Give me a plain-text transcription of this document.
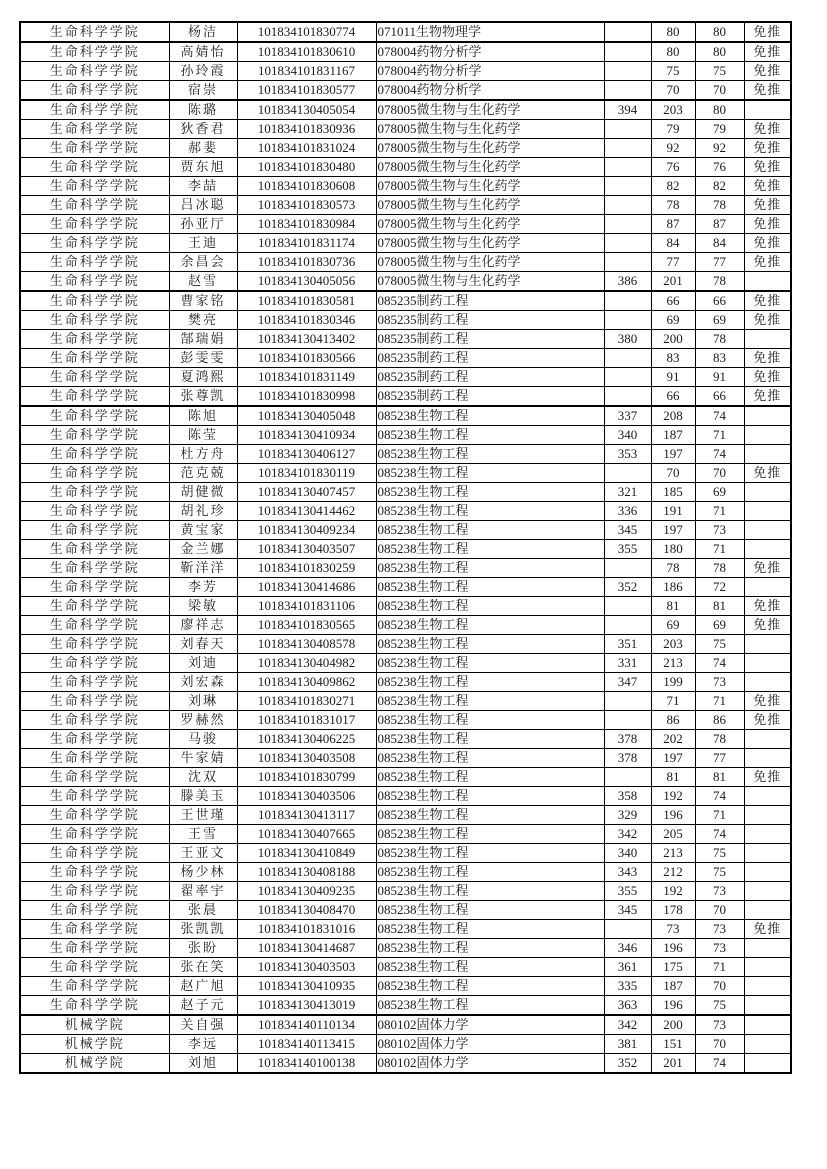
生命科学学院	杨洁	101834101830774	071011生物物理学		80	80	免推
生命科学学院	高婧怡	101834101830610	078004药物分析学		80	80	免推
生命科学学院	孙玲霞	101834101831167	078004药物分析学		75	75	免推
生命科学学院	宿崇	101834101830577	078004药物分析学		70	70	免推
生命科学学院	陈璐	101834130405054	078005微生物与生化药学	394	203	80	
生命科学学院	狄香君	101834101830936	078005微生物与生化药学		79	79	免推
生命科学学院	郝婓	101834101831024	078005微生物与生化药学		92	92	免推
生命科学学院	贾东旭	101834101830480	078005微生物与生化药学		76	76	免推
生命科学学院	李喆	101834101830608	078005微生物与生化药学		82	82	免推
生命科学学院	吕冰聪	101834101830573	078005微生物与生化药学		78	78	免推
生命科学学院	孙亚厅	101834101830984	078005微生物与生化药学		87	87	免推
生命科学学院	王迪	101834101831174	078005微生物与生化药学		84	84	免推
生命科学学院	余昌会	101834101830736	078005微生物与生化药学		77	77	免推
生命科学学院	赵雪	101834130405056	078005微生物与生化药学	386	201	78	
生命科学学院	曹家铭	101834101830581	085235制药工程		66	66	免推
生命科学学院	樊亮	101834101830346	085235制药工程		69	69	免推
生命科学学院	郜瑞娟	101834130413402	085235制药工程	380	200	78	
生命科学学院	彭雯雯	101834101830566	085235制药工程		83	83	免推
生命科学学院	夏鸿熙	101834101831149	085235制药工程		91	91	免推
生命科学学院	张尊凯	101834101830998	085235制药工程		66	66	免推
生命科学学院	陈旭	101834130405048	085238生物工程	337	208	74	
生命科学学院	陈莹	101834130410934	085238生物工程	340	187	71	
生命科学学院	杜方舟	101834130406127	085238生物工程	353	197	74	
生命科学学院	范克兢	101834101830119	085238生物工程		70	70	免推
生命科学学院	胡健微	101834130407457	085238生物工程	321	185	69	
生命科学学院	胡礼珍	101834130414462	085238生物工程	336	191	71	
生命科学学院	黄宝家	101834130409234	085238生物工程	345	197	73	
生命科学学院	金兰娜	101834130403507	085238生物工程	355	180	71	
生命科学学院	靳洋洋	101834101830259	085238生物工程		78	78	免推
生命科学学院	李芳	101834130414686	085238生物工程	352	186	72	
生命科学学院	梁敏	101834101831106	085238生物工程		81	81	免推
生命科学学院	廖祥志	101834101830565	085238生物工程		69	69	免推
生命科学学院	刘春天	101834130408578	085238生物工程	351	203	75	
生命科学学院	刘迪	101834130404982	085238生物工程	331	213	74	
生命科学学院	刘宏森	101834130409862	085238生物工程	347	199	73	
生命科学学院	刘琳	101834101830271	085238生物工程		71	71	免推
生命科学学院	罗赫然	101834101831017	085238生物工程		86	86	免推
生命科学学院	马骏	101834130406225	085238生物工程	378	202	78	
生命科学学院	牛家婧	101834130403508	085238生物工程	378	197	77	
生命科学学院	沈双	101834101830799	085238生物工程		81	81	免推
生命科学学院	滕美玉	101834130403506	085238生物工程	358	192	74	
生命科学学院	王世瑾	101834130413117	085238生物工程	329	196	71	
生命科学学院	王雪	101834130407665	085238生物工程	342	205	74	
生命科学学院	王亚文	101834130410849	085238生物工程	340	213	75	
生命科学学院	杨少林	101834130408188	085238生物工程	343	212	75	
生命科学学院	翟率宇	101834130409235	085238生物工程	355	192	73	
生命科学学院	张晨	101834130408470	085238生物工程	345	178	70	
生命科学学院	张凯凯	101834101831016	085238生物工程		73	73	免推
生命科学学院	张盼	101834130414687	085238生物工程	346	196	73	
生命科学学院	张在笑	101834130403503	085238生物工程	361	175	71	
生命科学学院	赵广旭	101834130410935	085238生物工程	335	187	70	
生命科学学院	赵子元	101834130413019	085238生物工程	363	196	75	
机械学院	关自强	101834140110134	080102固体力学	342	200	73	
机械学院	李远	101834140113415	080102固体力学	381	151	70	
机械学院	刘旭	101834140100138	080102固体力学	352	201	74	
